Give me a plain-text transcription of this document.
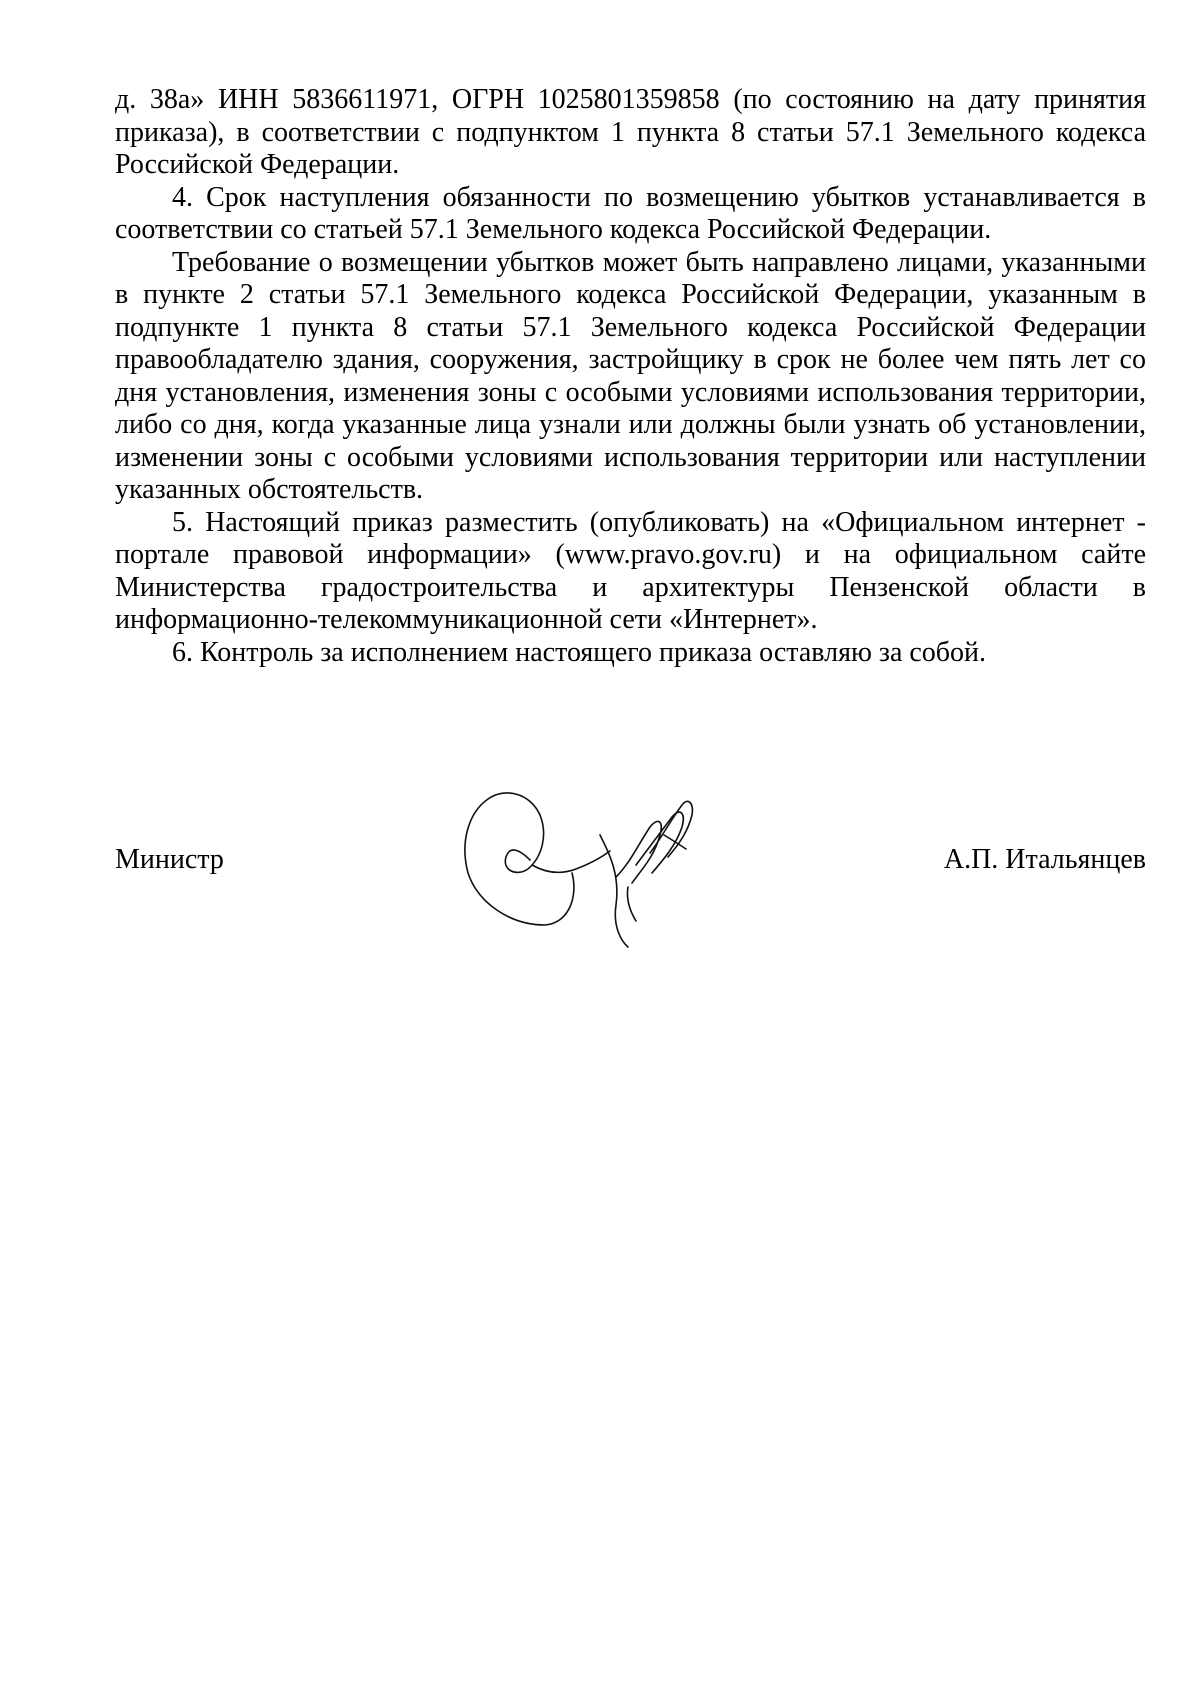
д. 38а» ИНН 5836611971, ОГРН 1025801359858 (по состоянию на дату принятия приказа), в соответствии с подпунктом 1 пункта 8 статьи 57.1 Земельного кодекса Российской Федерации.

4. Срок наступления обязанности по возмещению убытков устанавливается в соответствии со статьей 57.1 Земельного кодекса Российской Федерации.

Требование о возмещении убытков может быть направлено лицами, указанными в пункте 2 статьи 57.1 Земельного кодекса Российской Федерации, указанным в подпункте 1 пункта 8 статьи 57.1 Земельного кодекса Российской Федерации правообладателю здания, сооружения, застройщику в срок не более чем пять лет со дня установления, изменения зоны с особыми условиями использования территории, либо со дня, когда указанные лица узнали или должны были узнать об установлении, изменении зоны с особыми условиями использования территории или наступлении указанных обстоятельств.

5. Настоящий приказ разместить (опубликовать) на «Официальном интернет - портале правовой информации» (www.pravo.gov.ru) и на официальном сайте Министерства градостроительства и архитектуры Пензенской области в информационно-телекоммуникационной сети «Интернет».

6. Контроль за исполнением настоящего приказа оставляю за собой.

Министр	А.П. Итальянцев
